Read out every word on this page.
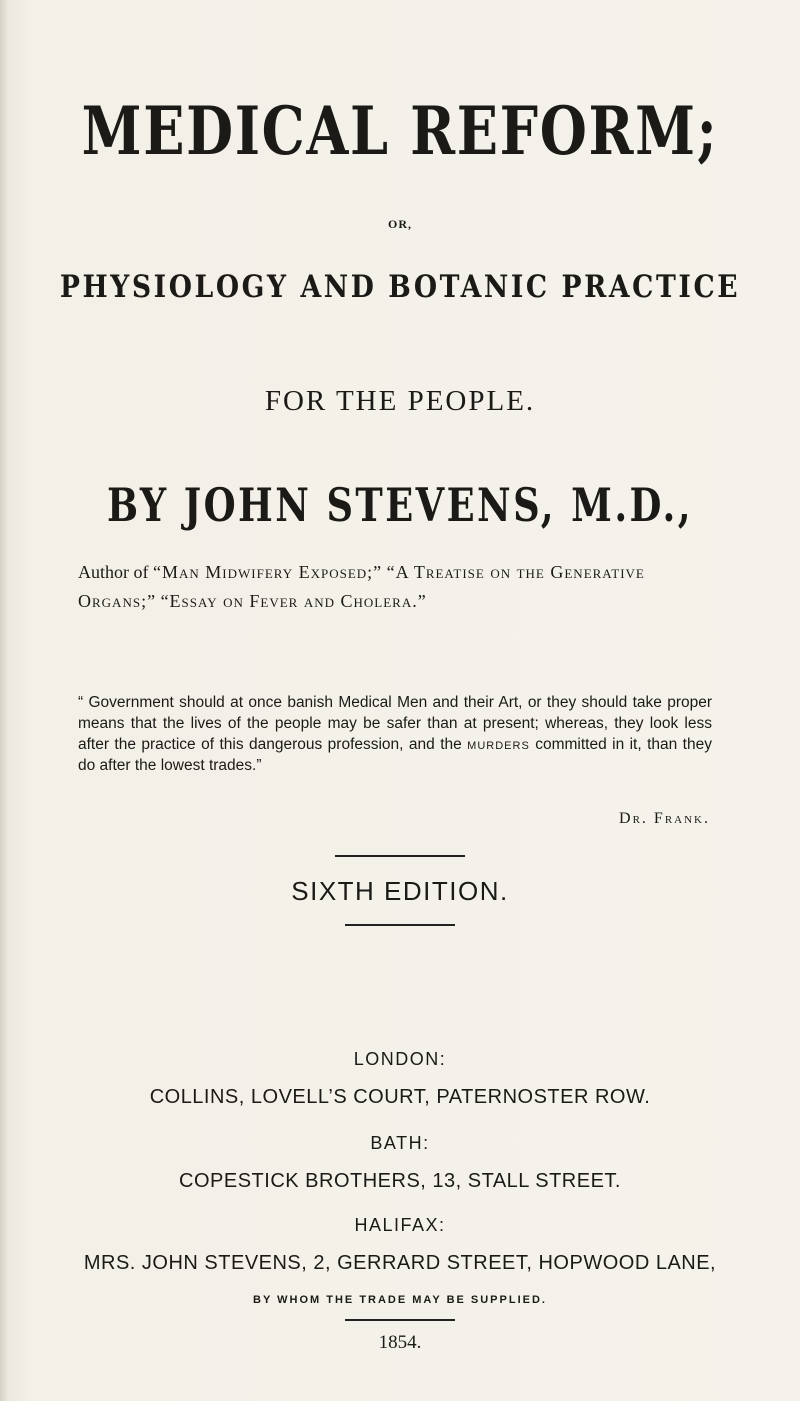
MEDICAL REFORM;
OR,
PHYSIOLOGY AND BOTANIC PRACTICE
FOR THE PEOPLE.
BY JOHN STEVENS, M.D.,
Author of “Man Midwifery Exposed;” “A Treatise on the Generative Organs;” “Essay on Fever and Cholera.”
“ Government should at once banish Medical Men and their Art, or they should take proper means that the lives of the people may be safer than at present; whereas, they look less after the practice of this dangerous profession, and the murders committed in it, than they do after the lowest trades.”
Dr. Frank.
SIXTH EDITION.
LONDON:
COLLINS, LOVELL’S COURT, PATERNOSTER ROW.
BATH:
COPESTICK BROTHERS, 13, STALL STREET.
HALIFAX:
MRS. JOHN STEVENS, 2, GERRARD STREET, HOPWOOD LANE,
BY WHOM THE TRADE MAY BE SUPPLIED.
1854.
